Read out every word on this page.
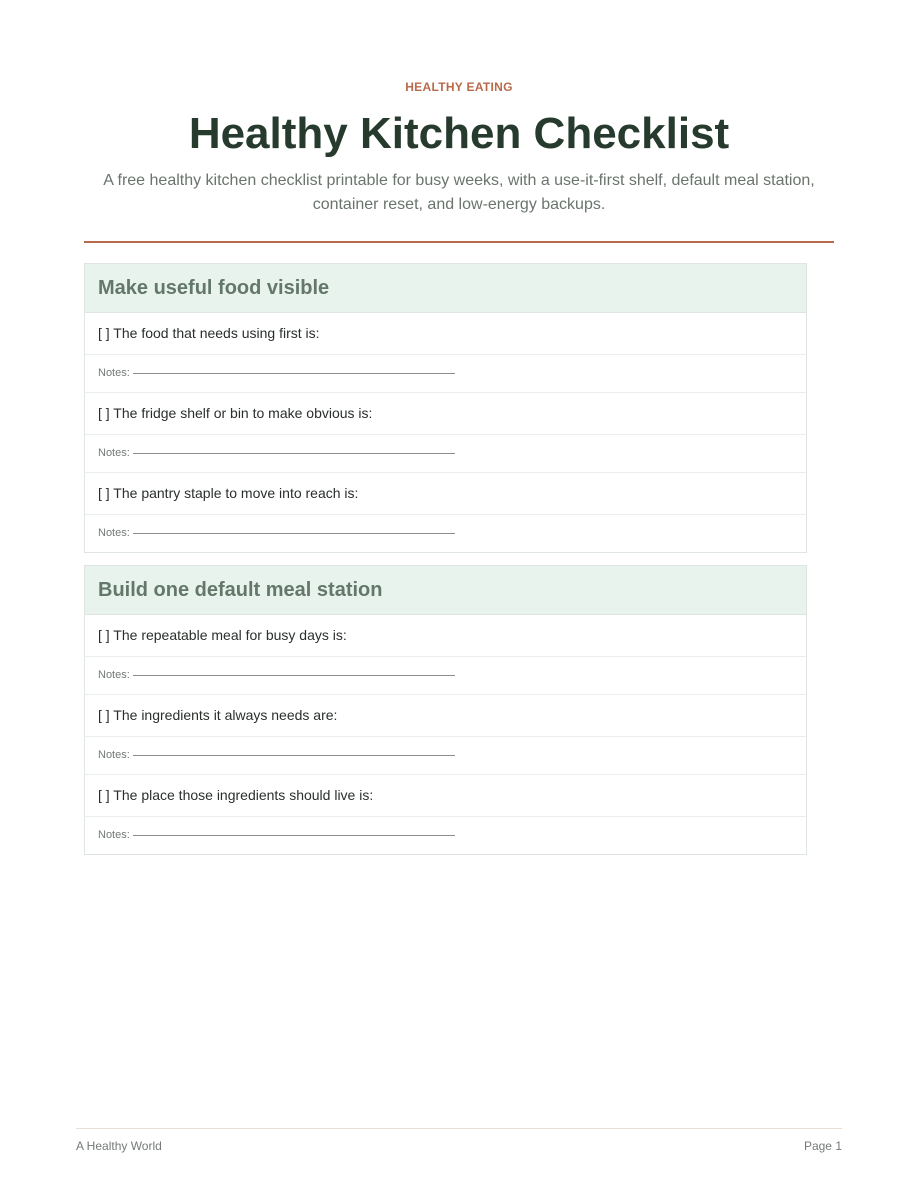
HEALTHY EATING
Healthy Kitchen Checklist

A free healthy kitchen checklist printable for busy weeks, with a use-it-first shelf, default meal station, container reset, and low-energy backups.

Make useful food visible
[ ] The food that needs using first is:
Notes:
[ ] The fridge shelf or bin to make obvious is:
Notes:
[ ] The pantry staple to move into reach is:
Notes:
Build one default meal station
[ ] The repeatable meal for busy days is:
Notes:
[ ] The ingredients it always needs are:
Notes:
[ ] The place those ingredients should live is:
Notes:
A Healthy World	Page 1
